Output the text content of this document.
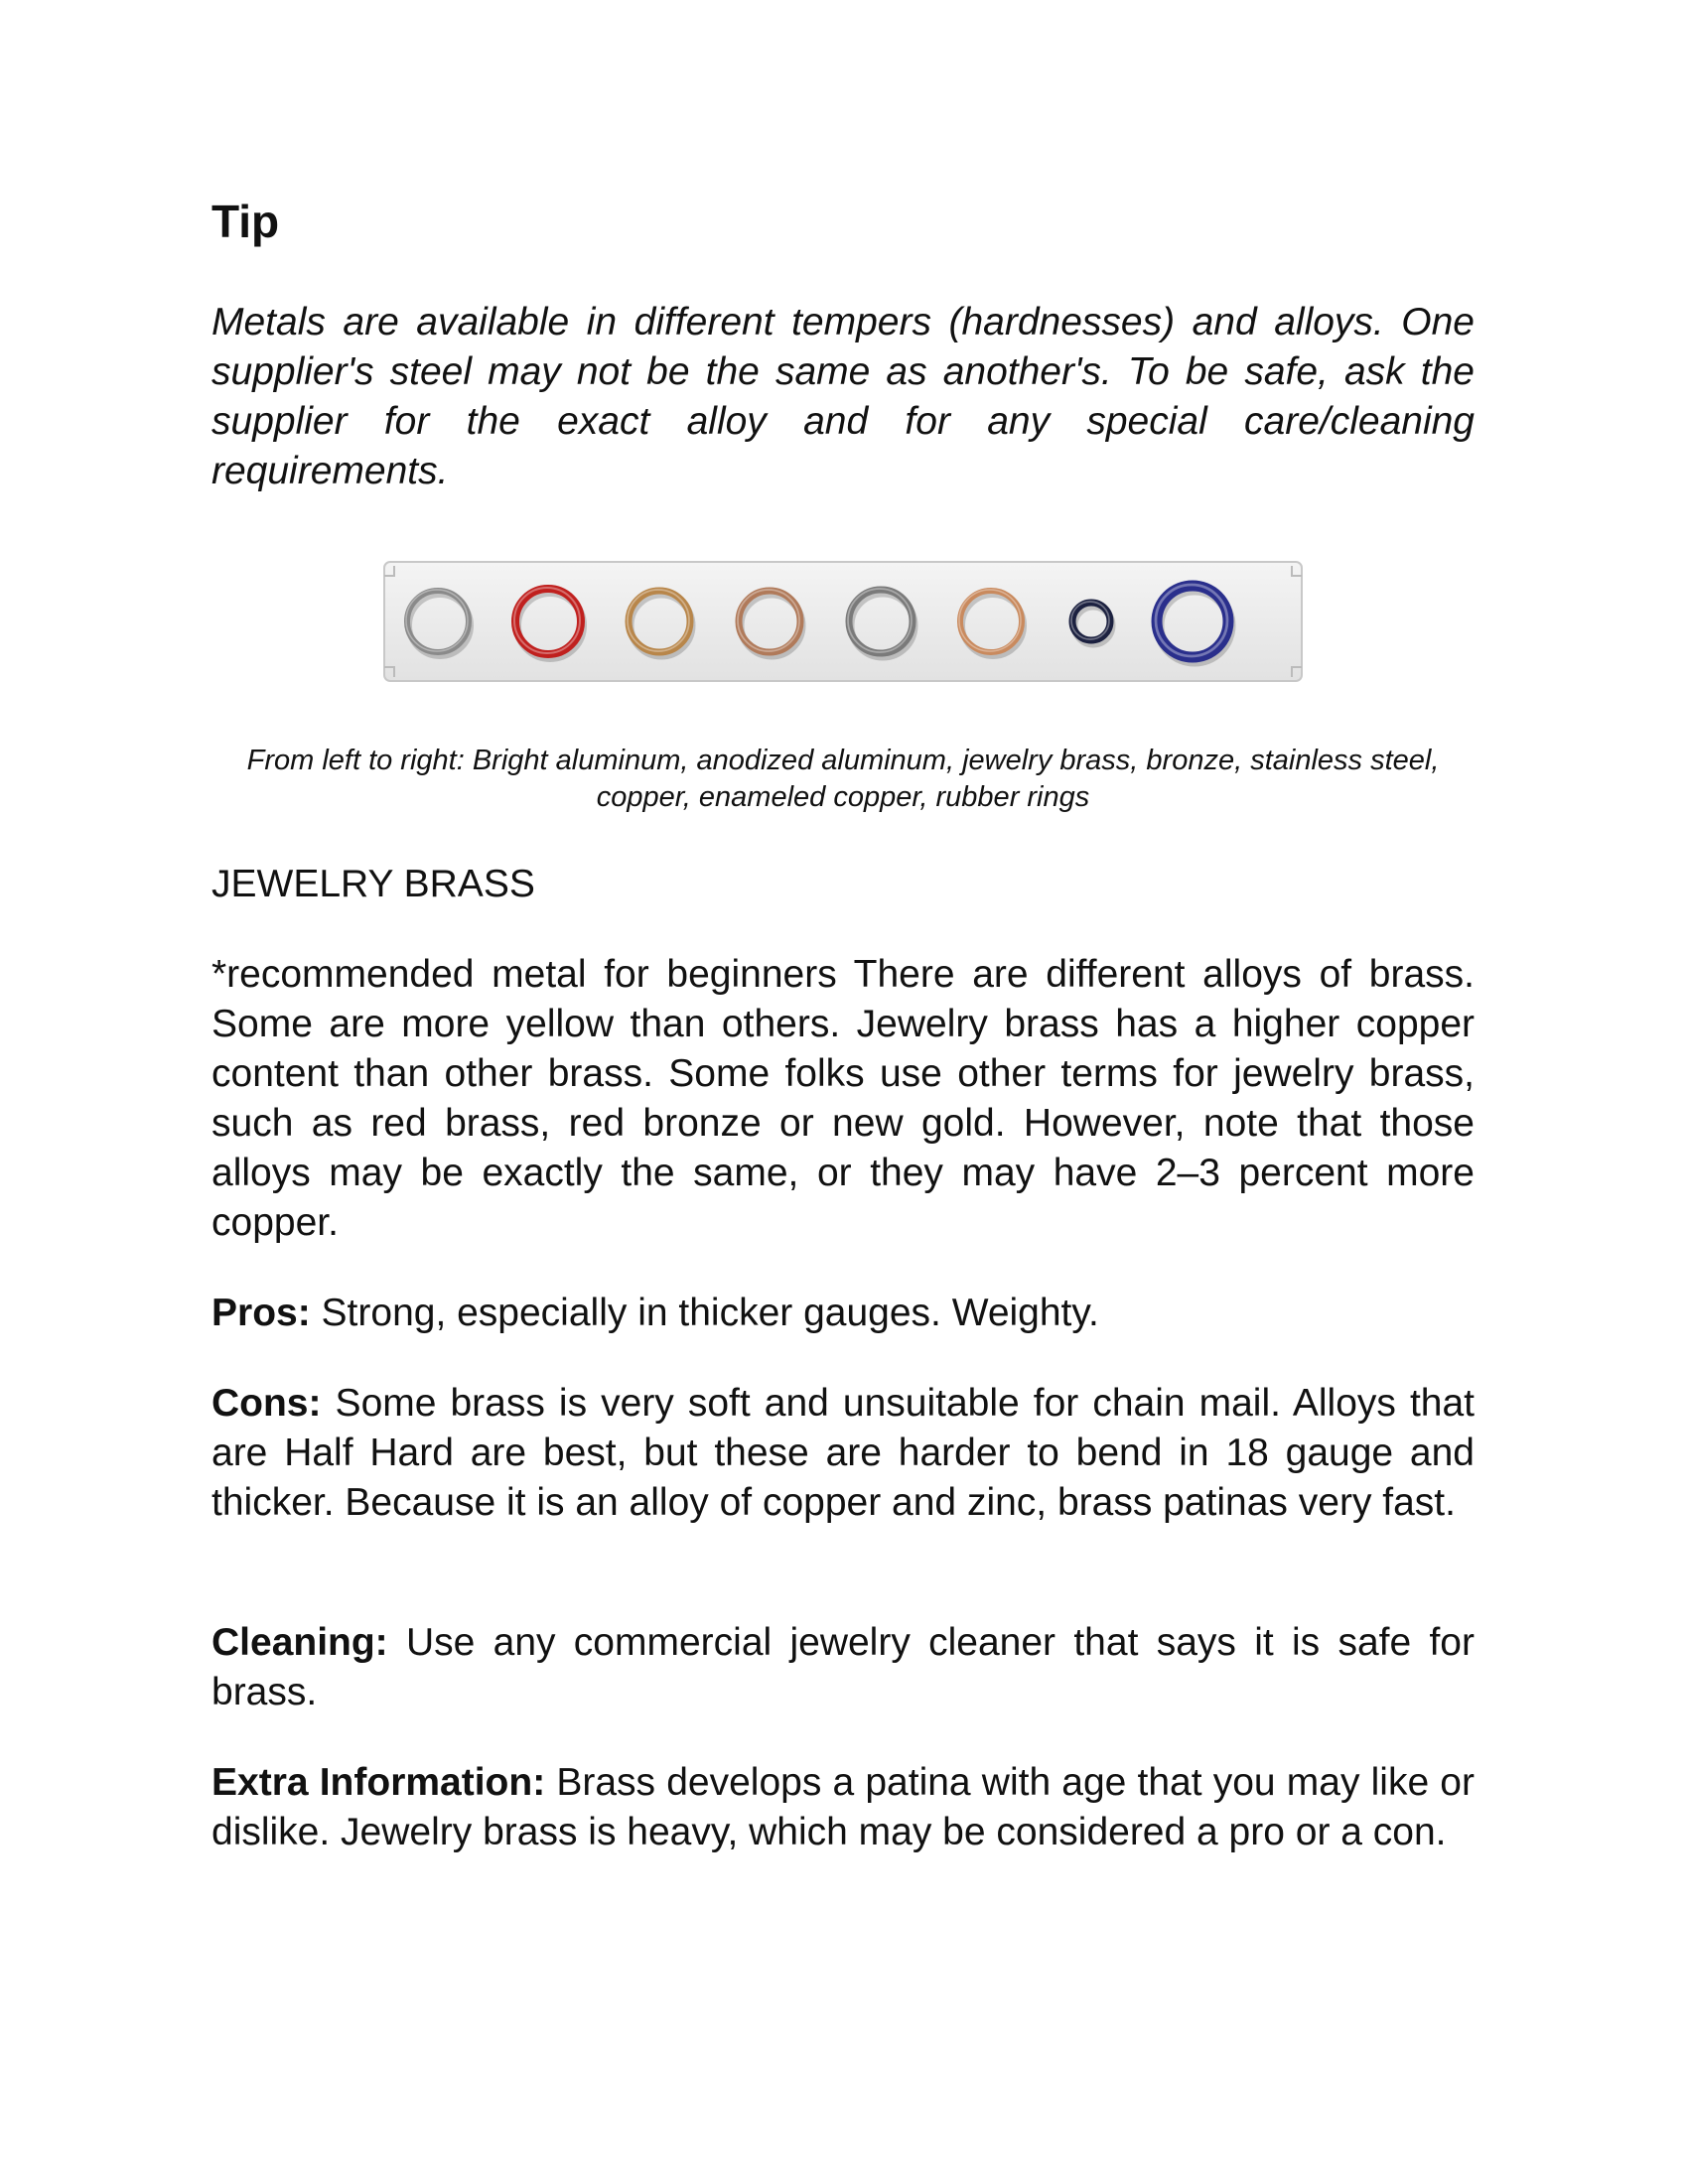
Tip

Metals are available in different tempers (hardnesses) and alloys. One supplier's steel may not be the same as another's. To be safe, ask the supplier for the exact alloy and for any special care/cleaning requirements.

From left to right: Bright aluminum, anodized aluminum, jewelry brass, bronze, stainless steel, copper, enameled copper, rubber rings

JEWELRY BRASS

*recommended metal for beginners There are different alloys of brass. Some are more yellow than others. Jewelry brass has a higher copper content than other brass. Some folks use other terms for jewelry brass, such as red brass, red bronze or new gold. However, note that those alloys may be exactly the same, or they may have 2–3 percent more copper.

Pros: Strong, especially in thicker gauges. Weighty.

Cons: Some brass is very soft and unsuitable for chain mail. Alloys that are Half Hard are best, but these are harder to bend in 18 gauge and thicker. Because it is an alloy of copper and zinc, brass patinas very fast.

Cleaning: Use any commercial jewelry cleaner that says it is safe for brass.

Extra Information: Brass develops a patina with age that you may like or dislike. Jewelry brass is heavy, which may be considered a pro or a con.
